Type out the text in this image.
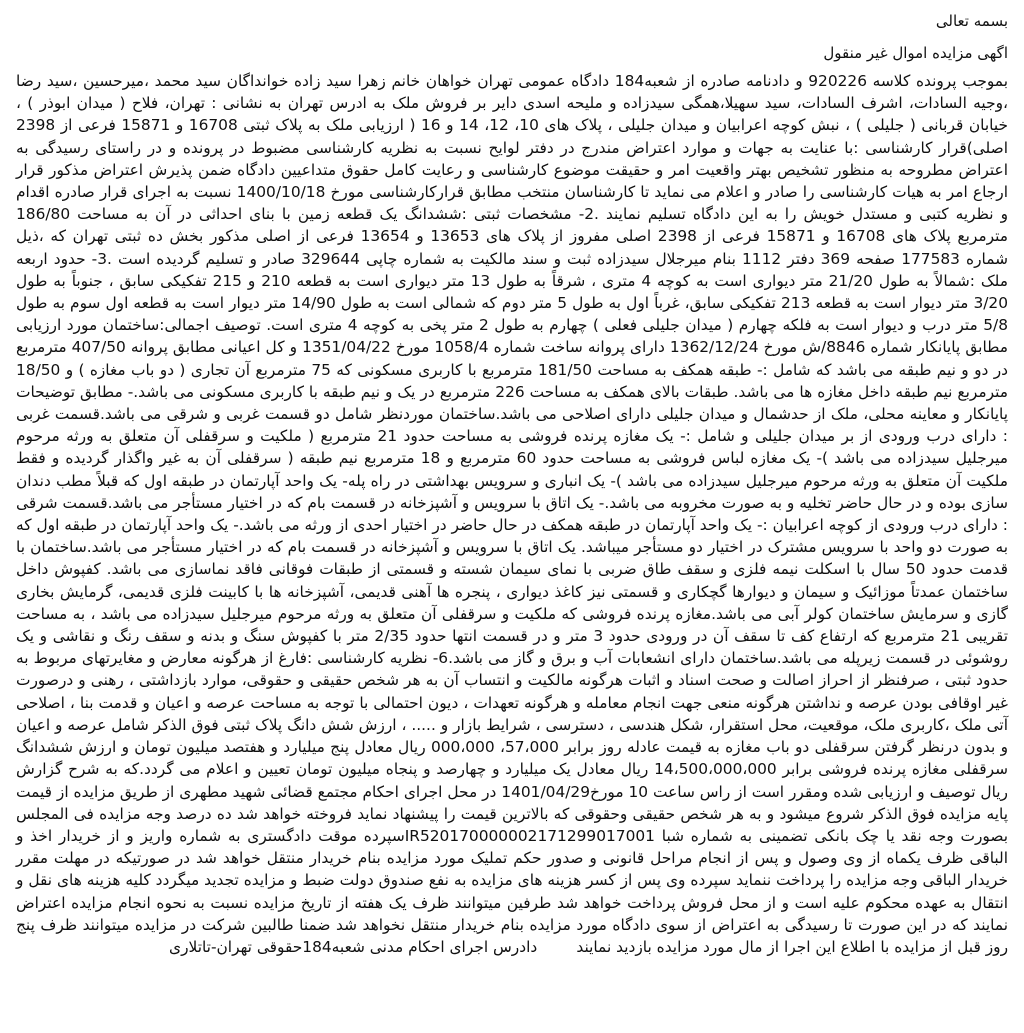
بسمه تعالی

اگهی مزایده اموال غیر منقول

بموجب پرونده کلاسه 920226 و دادنامه صادره از شعبه184 دادگاه عمومی تهران خواهان خانم زهرا سید زاده خوانداگان سید محمد ،میرحسین ،سید رضا ،وجیه السادات، اشرف السادات، سید سهیلا،همگی سیدزاده و ملیحه اسدی دایر بر فروش ملک به ادرس تهران به نشانی : تهران، فلاح ( میدان ابوذر ) ، خیابان قربانی ( جلیلی ) ، نبش کوچه اعرابیان و میدان جلیلی ، پلاک های 10، 12، 14 و 16 ( ارزیابی ملک به پلاک ثبتی 16708 و 15871 فرعی از 2398 اصلی)قرار کارشناسی :با عنایت به جهات و موارد اعتراض مندرج در دفتر لوایح نسبت به نظریه کارشناسی مضبوط در پرونده و در راستای رسیدگی به اعتراض مطروحه به منظور تشخیص بهتر واقعیت امر و حقیقت موضوع کارشناسی و رعایت کامل حقوق متداعیین دادگاه ضمن پذیرش اعتراض مذکور قرار ارجاع امر به هیات کارشناسی را صادر و اعلام می نماید تا کارشناسان منتخب مطابق قرارکارشناسی مورخ 1400/10/18 نسبت به اجرای قرار صادره اقدام و نظریه کتبی و مستدل خویش را به این دادگاه تسلیم نمایند .2- مشخصات ثبتی :ششدانگ یک قطعه زمین با بنای احداثی در آن به مساحت 186/80 مترمربع پلاک های 16708 و 15871 فرعی از 2398 اصلی مفروز از پلاک های 13653 و 13654 فرعی از اصلی مذکور بخش ده ثبتی تهران که ،ذیل شماره 177583 صفحه 369 دفتر 1112 بنام میرجلال سیدزاده ثبت و سند مالکیت به شماره چاپی 329644 صادر و تسلیم گردیده است .3- حدود اربعه ملک :شمالاً به طول 21/20 متر دیواری است به کوچه 4 متری ، شرقاً به طول 13 متر دیواری است به قطعه 210 و 215 تفکیکی سابق ، جنوباً به طول 3/20 متر دیوار است به قطعه 213 تفکیکی سابق، غرباً اول به طول 5 متر دوم که شمالی است به طول 14/90 متر دیوار است به قطعه اول سوم به طول 5/8 متر درب و دیوار است به فلکه چهارم ( میدان جلیلی فعلی ) چهارم به طول 2 متر پخی به کوچه 4 متری است. توصیف اجمالی:ساختمان مورد ارزیابی مطابق پایانکار شماره 8846/ش مورخ 1362/12/24 دارای پروانه ساخت شماره 1058/4 مورخ 1351/04/22 و کل اعیانی مطابق پروانه 407/50 مترمربع در دو و نیم طبقه می باشد که شامل :- طبقه همکف به مساحت 181/50 مترمربع با کاربری مسکونی که 75 مترمربع آن تجاری ( دو باب مغازه ) و 18/50 مترمربع نیم طبقه داخل مغازه ها می باشد. طبقات بالای همکف به مساحت 226 مترمربع در یک و نیم طبقه با کاربری مسکونی می باشد.- مطابق توضیحات پایانکار و معاینه محلی، ملک از حدشمال و میدان جلیلی دارای اصلاحی می باشد.ساختمان موردنظر شامل دو قسمت غربی و شرقی می باشد.قسمت غربی : دارای درب ورودی از بر میدان جلیلی و شامل :- یک مغازه پرنده فروشی به مساحت حدود 21 مترمربع ( ملکیت و سرقفلی آن متعلق به ورثه مرحوم میرجلیل سیدزاده می باشد )- یک مغازه لباس فروشی به مساحت حدود 60 مترمربع و 18 مترمربع نیم طبقه ( سرقفلی آن به غیر واگذار گردیده و فقط ملکیت آن متعلق به ورثه مرحوم میرجلیل سیدزاده می باشد )- یک انباری و سرویس بهداشتی در راه پله- یک واحد آپارتمان در طبقه اول که قبلاً مطب دندان سازی بوده و در حال حاضر تخلیه و به صورت مخروبه می باشد.- یک اتاق با سرویس و آشپزخانه در قسمت بام که در اختیار مستأجر می باشد.قسمت شرقی : دارای درب ورودی از کوچه اعرابیان :- یک واحد آپارتمان در طبقه همکف در حال حاضر در اختیار احدی از ورثه می باشد.- یک واحد آپارتمان در طبقه اول که به صورت دو واحد با سرویس مشترک در اختیار دو مستأجر میباشد. یک اتاق با سرویس و آشپزخانه در قسمت بام که در اختیار مستأجر می باشد.ساختمان با قدمت حدود 50 سال با اسکلت نیمه فلزی و سقف طاق ضربی با نمای سیمان شسته و قسمتی از طبقات فوقانی فاقد نماسازی می باشد. کفپوش داخل ساختمان عمدتاً موزائیک و سیمان و دیوارها گچکاری و قسمتی نیز کاغذ دیواری ، پنجره ها آهنی قدیمی، آشپزخانه ها با کابینت فلزی قدیمی، گرمایش بخاری گازی و سرمایش ساختمان کولر آبی می باشد.مغازه پرنده فروشی که ملکیت و سرقفلی آن متعلق به ورثه مرحوم میرجلیل سیدزاده می باشد ، به مساحت تقریبی 21 مترمربع که ارتفاع کف تا سقف آن در ورودی حدود 3 متر و در قسمت انتها حدود 2/35 متر با کفپوش سنگ و بدنه و سقف رنگ و نقاشی و یک روشوئی در قسمت زیرپله می باشد.ساختمان دارای انشعابات آب و برق و گاز می باشد.6- نظریه کارشناسی :فارغ از هرگونه معارض و مغایرتهای مربوط به حدود ثبتی ، صرفنظر از احراز اصالت و صحت اسناد و اثبات هرگونه مالکیت و انتساب آن به هر شخص حقیقی و حقوقی، موارد بازداشتی ، رهنی و درصورت غیر اوقافی بودن عرصه و نداشتن هرگونه منعی جهت انجام معامله و هرگونه تعهدات ، دیون احتمالی با توجه به مساحت عرصه و اعیان و قدمت بنا ، اصلاحی آتی ملک ،کاربری ملک، موقعیت، محل استقرار، شکل هندسی ، دسترسی ، شرایط بازار و ..... ، ارزش شش دانگ پلاک ثبتی فوق الذکر شامل عرصه و اعیان و بدون درنظر گرفتن سرقفلی دو باب مغازه به قیمت عادله روز برابر 57،000، 000،000 ریال معادل پنج میلیارد و هفتصد میلیون تومان و ارزش ششدانگ سرقفلی مغازه پرنده فروشی برابر 14،500،000،000 ریال معادل یک میلیارد و چهارصد و پنجاه میلیون تومان تعیین و اعلام می گردد.که به شرح گزارش ریال توصیف و ارزیابی شده ومقرر است از راس ساعت 10 مورخ1401/04/29 در محل اجرای احکام مجتمع قضائی شهید مطهری از طریق مزایده از قیمت پایه مزایده فوق الذکر شروع میشود و به هر شخص حقیقی وحقوقی که بالاترین قیمت را پیشنهاد نماید فروخته خواهد شد ده درصد وجه مزایده فی المجلس بصورت وجه نقد یا چک بانکی تضمینی به شماره شبا IR520170000002171299017001سپرده موقت دادگستری به شماره واریز و از خریدار اخذ و الباقی ظرف یکماه از وی وصول و پس از انجام مراحل قانونی و صدور حکم تملیک مورد مزایده بنام خریدار منتقل خواهد شد در صورتیکه در مهلت مقرر خریدار الباقی وجه مزایده را پرداخت ننماید سپرده وی پس از کسر هزینه های مزایده به نفع صندوق دولت ضبط و مزایده تجدید میگردد کلیه هزینه های نقل و انتقال به عهده محکوم علیه است و از محل فروش پرداخت خواهد شد طرفین میتوانند ظرف یک هفته از تاریخ مزایده نسبت به نحوه انجام مزایده اعتراض نمایند که در این صورت تا رسیدگی به اعتراض از سوی دادگاه مورد مزایده بنام خریدار منتقل نخواهد شد ضمنا طالبین شرکت در مزایده میتوانند ظرف پنج روز قبل از مزایده با اطلاع این اجرا از مال مورد مزایده بازدید نمایند        دادرس اجرای احکام مدنی شعبه184حقوقی تهران-تاتلاری
